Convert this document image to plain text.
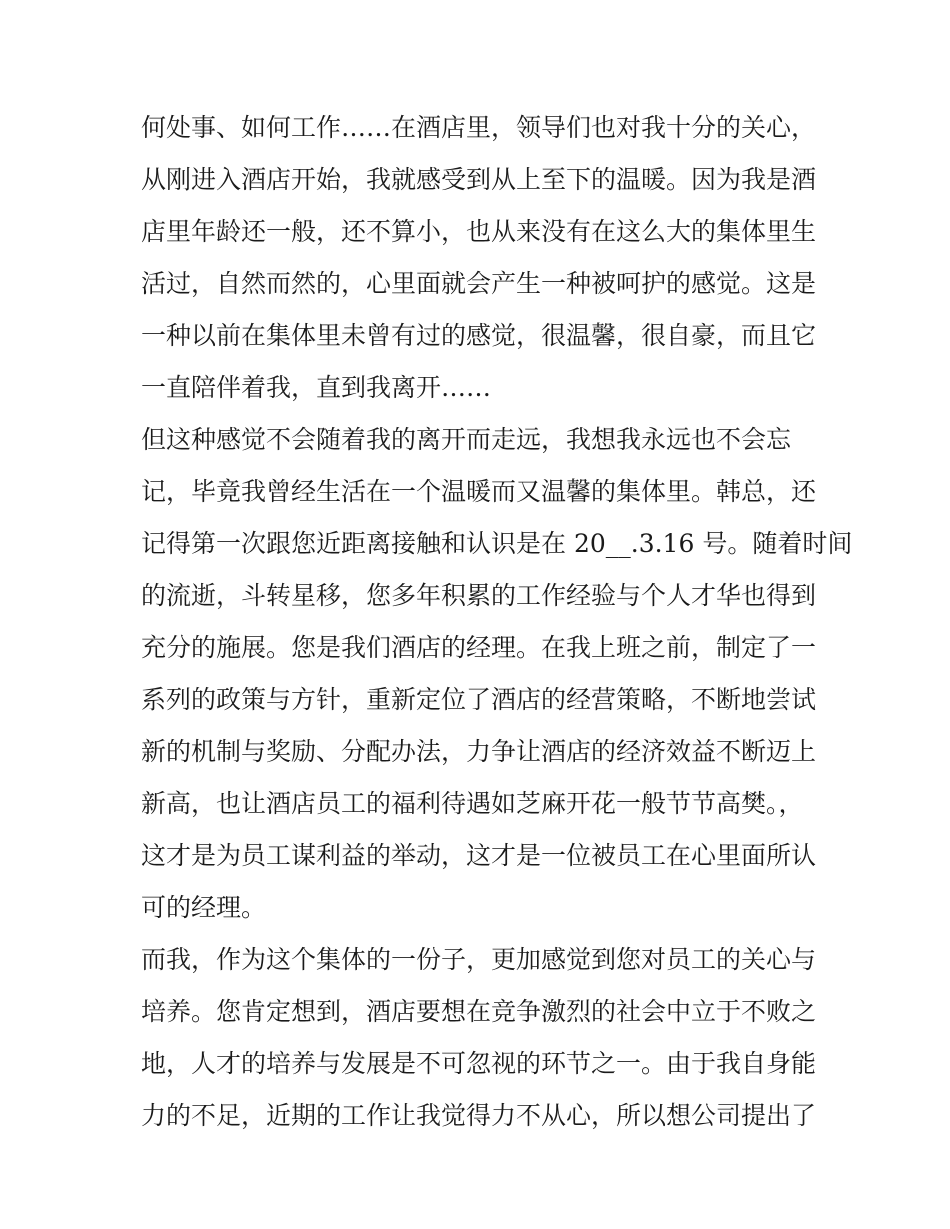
何处事、如何工作……在酒店里，领导们也对我十分的关心，
从刚进入酒店开始，我就感受到从上至下的温暖。因为我是酒
店里年龄还一般，还不算小，也从来没有在这么大的集体里生
活过，自然而然的，心里面就会产生一种被呵护的感觉。这是
一种以前在集体里未曾有过的感觉，很温馨，很自豪，而且它
一直陪伴着我，直到我离开……
但这种感觉不会随着我的离开而走远，我想我永远也不会忘
记，毕竟我曾经生活在一个温暖而又温馨的集体里。韩总，还
记得第一次跟您近距离接触和认识是在 20__.3.16 号。随着时间
的流逝，斗转星移，您多年积累的工作经验与个人才华也得到
充分的施展。您是我们酒店的经理。在我上班之前，制定了一
系列的政策与方针，重新定位了酒店的经营策略，不断地尝试
新的机制与奖励、分配办法，力争让酒店的经济效益不断迈上
新高，也让酒店员工的福利待遇如芝麻开花一般节节高樊。，
这才是为员工谋利益的举动，这才是一位被员工在心里面所认
可的经理。
而我，作为这个集体的一份子，更加感觉到您对员工的关心与
培养。您肯定想到，酒店要想在竞争激烈的社会中立于不败之
地，人才的培养与发展是不可忽视的环节之一。由于我自身能
力的不足，近期的工作让我觉得力不从心，所以想公司提出了
